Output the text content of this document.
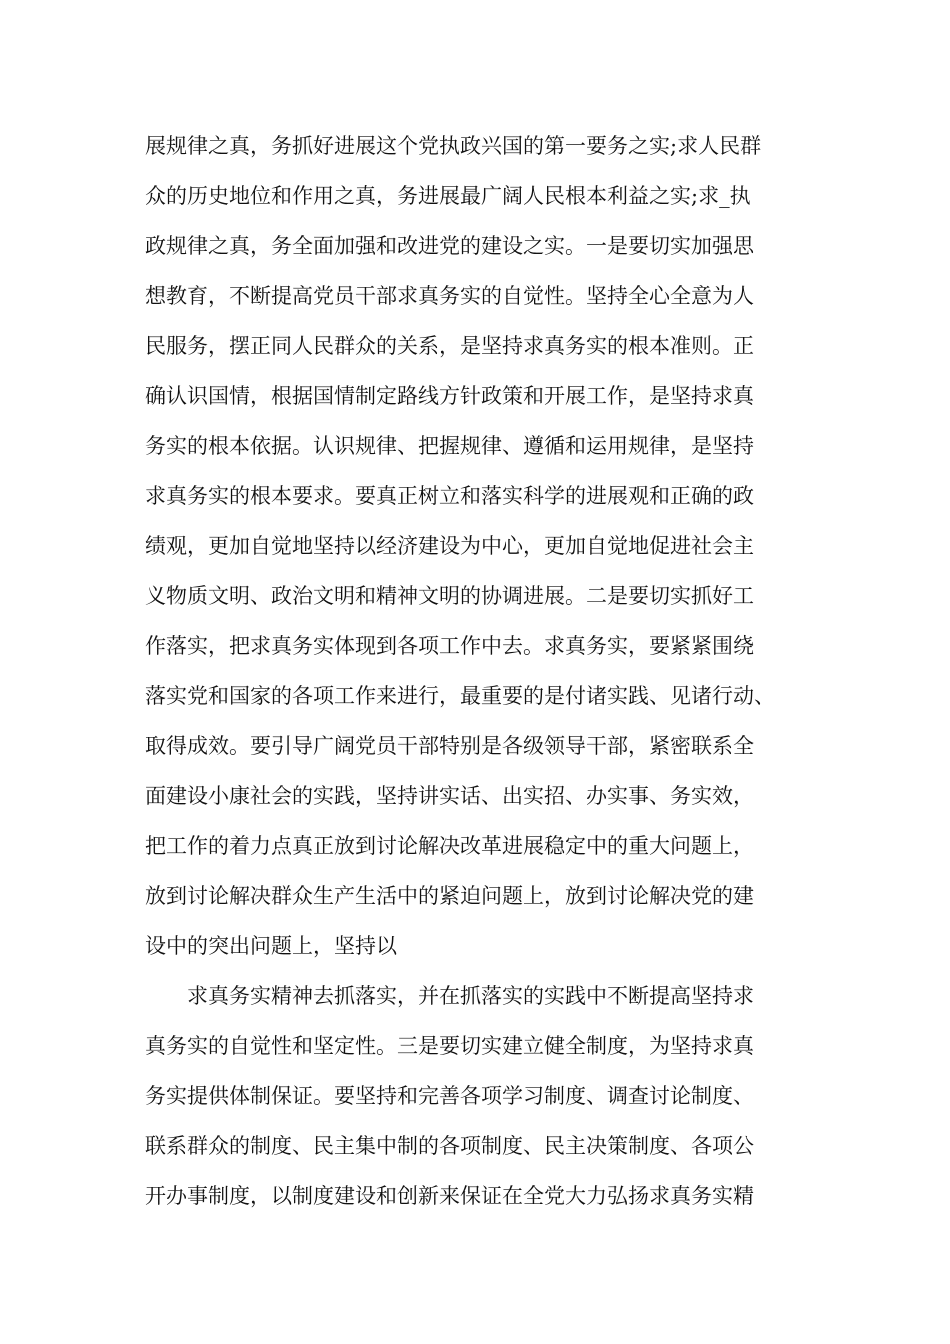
展规律之真，务抓好进展这个党执政兴国的第一要务之实;求人民群
众的历史地位和作用之真，务进展最广阔人民根本利益之实;求_执
政规律之真，务全面加强和改进党的建设之实。一是要切实加强思
想教育，不断提高党员干部求真务实的自觉性。坚持全心全意为人
民服务，摆正同人民群众的关系，是坚持求真务实的根本准则。正
确认识国情，根据国情制定路线方针政策和开展工作，是坚持求真
务实的根本依据。认识规律、把握规律、遵循和运用规律，是坚持
求真务实的根本要求。要真正树立和落实科学的进展观和正确的政
绩观，更加自觉地坚持以经济建设为中心，更加自觉地促进社会主
义物质文明、政治文明和精神文明的协调进展。二是要切实抓好工
作落实，把求真务实体现到各项工作中去。求真务实，要紧紧围绕
落实党和国家的各项工作来进行，最重要的是付诸实践、见诸行动、
取得成效。要引导广阔党员干部特别是各级领导干部，紧密联系全
面建设小康社会的实践，坚持讲实话、出实招、办实事、务实效，
把工作的着力点真正放到讨论解决改革进展稳定中的重大问题上，
放到讨论解决群众生产生活中的紧迫问题上，放到讨论解决党的建
设中的突出问题上，坚持以
求真务实精神去抓落实，并在抓落实的实践中不断提高坚持求
真务实的自觉性和坚定性。三是要切实建立健全制度，为坚持求真
务实提供体制保证。要坚持和完善各项学习制度、调查讨论制度、
联系群众的制度、民主集中制的各项制度、民主决策制度、各项公
开办事制度，以制度建设和创新来保证在全党大力弘扬求真务实精
